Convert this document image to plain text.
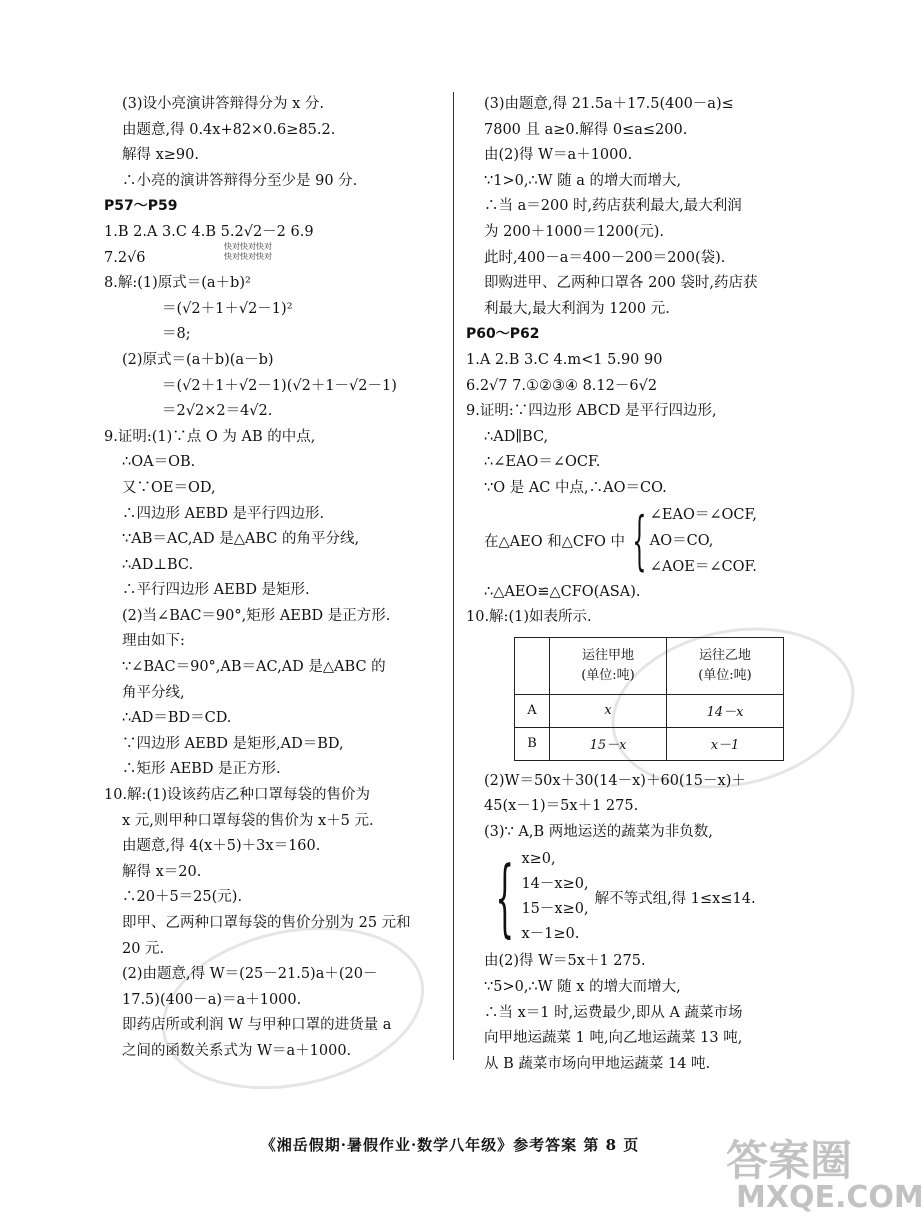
快对快对快对
快对快对快对
(3)设小亮演讲答辩得分为 x 分.
由题意,得 0.4x+82×0.6≥85.2.
解得 x≥90.
∴小亮的演讲答辩得分至少是 90 分.
P57～P59
1.B 2.A 3.C 4.B 5.2√2－2 6.9
7.2√6
8.解:(1)原式＝(a＋b)²
＝(√2＋1＋√2－1)²
＝8;
(2)原式＝(a＋b)(a－b)
＝(√2＋1＋√2－1)(√2＋1－√2－1)
＝2√2×2＝4√2.
9.证明:(1)∵点 O 为 AB 的中点,
∴OA＝OB.
又∵OE＝OD,
∴四边形 AEBD 是平行四边形.
∵AB＝AC,AD 是△ABC 的角平分线,
∴AD⊥BC.
∴平行四边形 AEBD 是矩形.
(2)当∠BAC＝90°,矩形 AEBD 是正方形.
理由如下:
∵∠BAC＝90°,AB＝AC,AD 是△ABC 的
角平分线,
∴AD＝BD＝CD.
∵四边形 AEBD 是矩形,AD＝BD,
∴矩形 AEBD 是正方形.
10.解:(1)设该药店乙种口罩每袋的售价为
x 元,则甲种口罩每袋的售价为 x＋5 元.
由题意,得 4(x＋5)＋3x＝160.
解得 x＝20.
∴20＋5＝25(元).
即甲、乙两种口罩每袋的售价分别为 25 元和
20 元.
(2)由题意,得 W＝(25－21.5)a＋(20－
17.5)(400－a)＝a＋1000.
即药店所或利润 W 与甲种口罩的进货量 a
之间的函数关系式为 W＝a＋1000.
(3)由题意,得 21.5a＋17.5(400－a)≤
7800 且 a≥0.解得 0≤a≤200.
由(2)得 W＝a＋1000.
∵1>0,∴W 随 a 的增大而增大,
∴当 a＝200 时,药店获利最大,最大利润
为 200＋1000＝1200(元).
此时,400－a＝400－200＝200(袋).
即购进甲、乙两种口罩各 200 袋时,药店获
利最大,最大利润为 1200 元.
P60～P62
1.A 2.B 3.C 4.m<1 5.90 90
6.2√7 7.①②③④ 8.12－6√2
9.证明:∵四边形 ABCD 是平行四边形,
∴AD∥BC,
∴∠EAO＝∠OCF.
∵O 是 AC 中点,∴AO＝CO.
在△AEO 和△CFO 中 { ∠EAO＝∠OCF,
AO＝CO,
∠AOE＝∠COF.
∴△AEO≌△CFO(ASA).
10.解:(1)如表所示.
	运往甲地
(单位:吨)	运往乙地
(单位:吨)
A	x	14－x
B	15－x	x－1
(2)W＝50x＋30(14－x)＋60(15－x)＋
45(x－1)＝5x＋1 275.
(3)∵ A,B 两地运送的蔬菜为非负数,
{ x≥0,
14－x≥0,
15－x≥0,
x－1≥0.
解不等式组,得 1≤x≤14.
由(2)得 W＝5x＋1 275.
∵5>0,∴W 随 x 的增大而增大,
∴当 x＝1 时,运费最少,即从 A 蔬菜市场
向甲地运蔬菜 1 吨,向乙地运蔬菜 13 吨,
从 B 蔬菜市场向甲地运蔬菜 14 吨.
《湘岳假期·暑假作业·数学八年级》参考答案 第 8 页	答案圈
MXQE.COM
